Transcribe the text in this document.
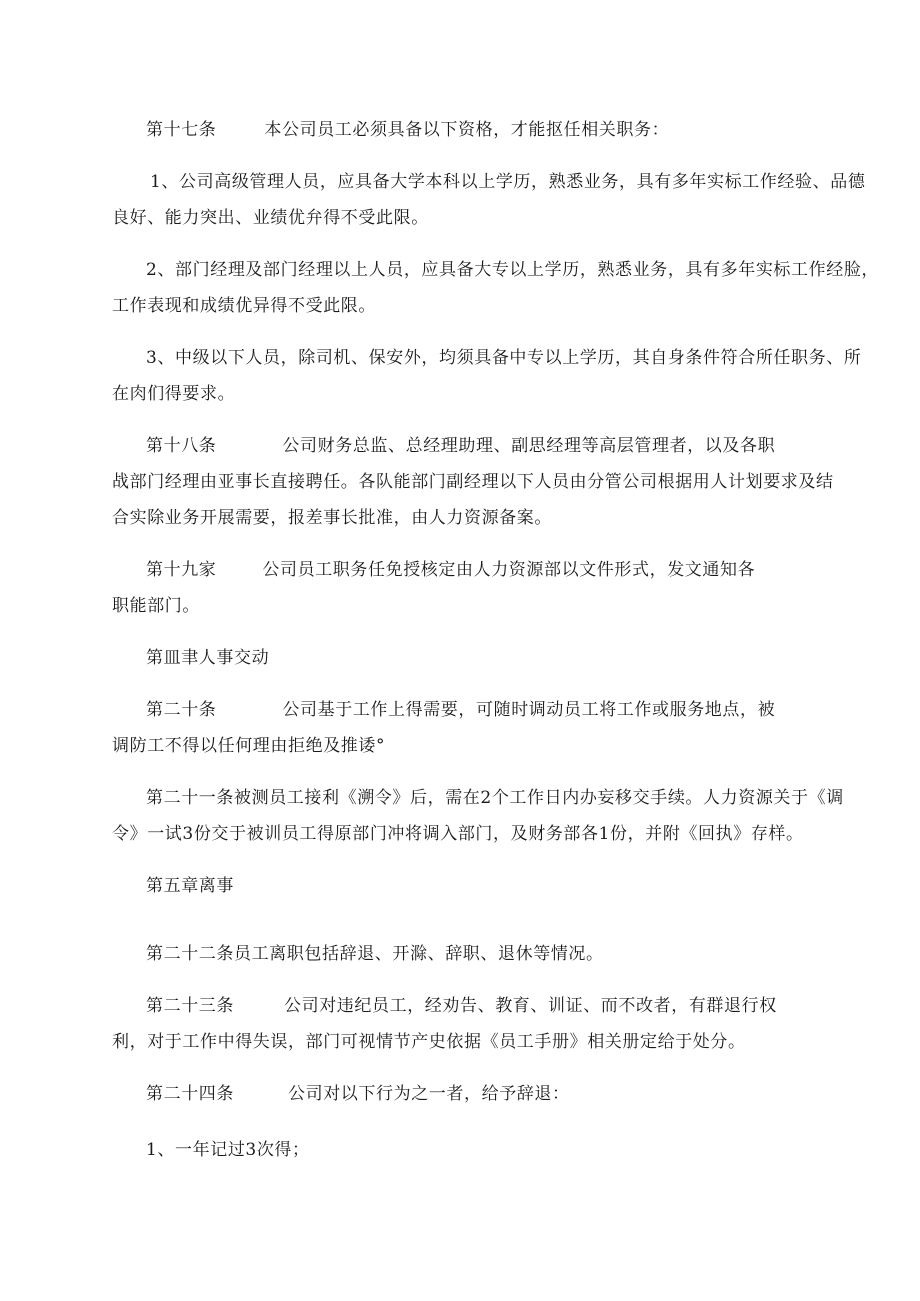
第十七条	本公司员工必须具备以下资格，才能抠任相关职务：
1、公司高级管理人员，应具备大学本科以上学历，熟悉业务，具有多年实标工作经验、品德
良好、能力突出、业绩优弁得不受此限。
2、部门经理及部门经理以上人员，应具备大专以上学历，熟悉业务，具有多年实标工作经脸，
工作表现和成绩优异得不受此限。
3、中级以下人员，除司机、保安外，均须具备中专以上学历，其自身条件符合所任职务、所
在肉们得要求。
第十八条	公司财务总监、总经理助理、副思经理等高层管理者，以及各职
战部门经理由亚事长直接聘任。各队能部门副经理以下人员由分管公司根据用人计划要求及结
合实除业务开展需要，报差事长批准，由人力资源备案。
第十九家	公司员工职务任免授核定由人力资源部以文件形式，发文通知各
职能部门。
第皿聿人事交动
第二十条	公司基于工作上得需要，可随时调动员工将工作或服务地点，被
调防工不得以任何理由拒绝及推诿°
第二十一条被测员工接利《溯令》后，需在2个工作日内办妄移交手续。人力资源关于《调
令》一试3份交于被训员工得原部门冲将调入部门，及财务部各1份，并附《回执》存样。
第五章离事
第二十二条员工离职包括辞退、开滁、辞职、退休等情况。
第二十三条	公司对违纪员工，经劝告、教育、训证、而不改者，有群退行权
利，对于工作中得失误，部门可视情节产史依据《员工手册》相关册定给于处分。
第二十四条	公司对以下行为之一者，给予辞退：
1、一年记过3次得；
